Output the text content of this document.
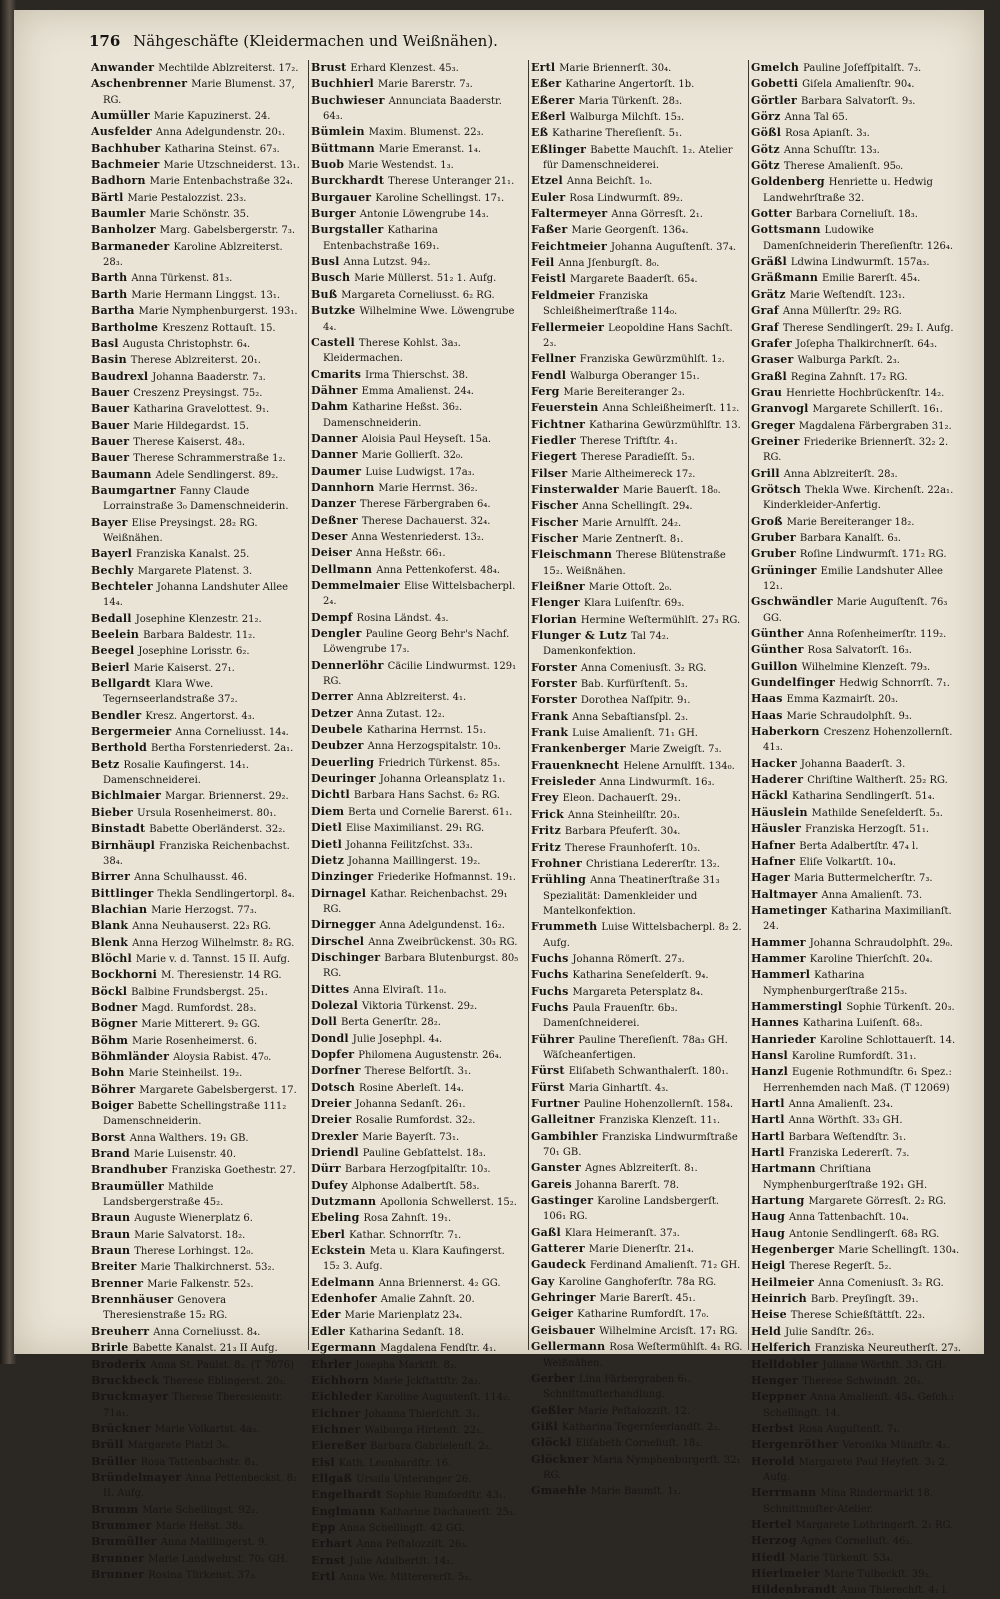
176 Nähgeschäfte (Kleidermachen und Weißnähen).
Anwander Mechtilde Ablzreiterst. 17₂.
Aschenbrenner Marie Blumenst. 37, RG.
Aumüller Marie Kapuzinerst. 24.
Ausfelder Anna Adelgundenstr. 20₁.
Bachhuber Katharina Steinst. 67₃.
Bachmeier Marie Utzschneiderst. 13₁.
Badhorn Marie Entenbachstraße 32₄.
Bärtl Marie Pestalozzist. 23₃.
Baumler Marie Schönstr. 35.
Banholzer Marg. Gabelsbergerstr. 7₃.
Barmaneder Karoline Ablzreiterst. 28₃.
Barth Anna Türkenst. 81₃.
Barth Marie Hermann Linggst. 13₁.
Bartha Marie Nymphenburgerst. 193₁.
Bartholme Kreszenz Rottauſt. 15.
Basl Augusta Christophstr. 6₄.
Basin Therese Ablzreiterst. 20₁.
Baudrexl Johanna Baaderstr. 7₃.
Bauer Creszenz Preysingst. 75₂.
Bauer Katharina Gravelottest. 9₁.
Bauer Marie Hildegardst. 15.
Bauer Therese Kaiserst. 48₃.
Bauer Therese Schrammerstraße 1₂.
Baumann Adele Sendlingerst. 89₂.
Baumgartner Fanny Claude Lorrainstraße 3₀ Damenschneiderin.
Bayer Elise Preysingst. 28₂ RG. Weißnähen.
Bayerl Franziska Kanalst. 25.
Bechly Margarete Platenst. 3.
Bechteler Johanna Landshuter Allee 14₄.
Bedall Josephine Klenzestr. 21₂.
Beelein Barbara Baldestr. 11₂.
Beegel Josephine Lorisstr. 6₂.
Beierl Marie Kaiserst. 27₁.
Bellgardt Klara Wwe. Tegernseerlandstraße 37₂.
Bendler Kresz. Angertorst. 4₃.
Bergermeier Anna Corneliusst. 14₄.
Berthold Bertha Forstenriederst. 2a₁.
Betz Rosalie Kaufingerst. 14₁. Damenschneiderei.
Bichlmaier Margar. Briennerst. 29₂.
Bieber Ursula Rosenheimerst. 80₁.
Binstadt Babette Oberländerst. 32₂.
Birnhäupl Franziska Reichenbachst. 38₄.
Birrer Anna Schulhausst. 46.
Bittlinger Thekla Sendlingertorpl. 8₄.
Blachian Marie Herzogst. 77₃.
Blank Anna Neuhauserst. 22₃ RG.
Blenk Anna Herzog Wilhelmstr. 8₂ RG.
Blöchl Marie v. d. Tannst. 15 II. Aufg.
Bockhorni M. Theresienstr. 14 RG.
Böckl Balbine Frundsbergst. 25₁.
Bodner Magd. Rumfordst. 28₃.
Bögner Marie Mitterert. 9₂ GG.
Böhm Marie Rosenheimerst. 6.
Böhmländer Aloysia Rabist. 47₀.
Bohn Marie Steinheilst. 19₂.
Böhrer Margarete Gabelsbergerst. 17.
Boiger Babette Schellingstraße 111₂ Damenschneiderin.
Borst Anna Walthers. 19₁ GB.
Brand Marie Luisenstr. 40.
Brandhuber Franziska Goethestr. 27.
Braumüller Mathilde Landsbergerstraße 45₂.
Braun Auguste Wienerplatz 6.
Braun Marie Salvatorst. 18₂.
Braun Therese Lorhingst. 12₀.
Breiter Marie Thalkirchnerst. 53₂.
Brenner Marie Falkenstr. 52₃.
Brennhäuser Genovera Theresienstraße 15₂ RG.
Breuherr Anna Corneliusst. 8₄.
Brirle Babette Kanalst. 21₃ II Aufg.
Broderix Anna St. Paulst. 8₃. (T 7076)
Bruckbeck Therese Eblingerst. 20₃.
Bruckmayer Therese Theresienstr. 71a₁.
Brückner Marie Volkartst. 4a₃.
Brüll Margarete Platzl 3₀.
Brüller Rosa Tattenbachstr. 8₃.
Bründelmayer Anna Pettenbeckst. 8₂ II. Aufg.
Brumm Marie Schellingst. 92₂.
Brummer Marie Heßst. 38₂.
Brumüller Anna Maillingerst. 9.
Brunner Marie Landwehrst. 70₁ GH.
Brunner Rosina Türkenst. 37₃.
Brust Erhard Klenzest. 45₃.
Buchhierl Marie Barerstr. 7₃.
Buchwieser Annunciata Baaderstr. 64₃.
Bümlein Maxim. Blumenst. 22₃.
Büttmann Marie Emeranst. 1₄.
Buob Marie Westendst. 1₃.
Burckhardt Therese Unteranger 21₁.
Burgauer Karoline Schellingst. 17₁.
Burger Antonie Löwengrube 14₃.
Burgstaller Katharina Entenbachstraße 169₁.
Busl Anna Lutzst. 94₂.
Busch Marie Müllerst. 51₂ 1. Aufg.
Buß Margareta Corneliusst. 6₂ RG.
Butzke Wilhelmine Wwe. Löwengrube 4₄.
Castell Therese Kohlst. 3a₃. Kleidermachen.
Cmarits Irma Thierschst. 38.
Dähner Emma Amalienst. 24₄.
Dahm Katharine Heßst. 36₂. Damenschneiderin.
Danner Aloisia Paul Heyseſt. 15a.
Danner Marie Gollierſt. 32₀.
Daumer Luise Ludwigst. 17a₃.
Dannhorn Marie Herrnst. 36₂.
Danzer Therese Färbergraben 6₄.
Deßner Therese Dachauerst. 32₄.
Deser Anna Westenriederst. 13₂.
Deiser Anna Heßstr. 66₁.
Dellmann Anna Pettenkoferst. 48₄.
Demmelmaier Elise Wittelsbacherpl. 2₄.
Dempf Rosina Ländst. 4₃.
Dengler Pauline Georg Behr's Nachf. Löwengrube 17₃.
Dennerlöhr Cäcilie Lindwurmst. 129₁ RG.
Derrer Anna Ablzreiterst. 4₁.
Detzer Anna Zutast. 12₂.
Deubele Katharina Herrnst. 15₁.
Deubzer Anna Herzogspitalstr. 10₃.
Deuerling Friedrich Türkenst. 85₃.
Deuringer Johanna Orleansplatz 1₁.
Dichtl Barbara Hans Sachst. 6₂ RG.
Diem Berta und Cornelie Barerst. 61₁.
Dietl Elise Maximilianst. 29₁ RG.
Dietl Johanna Feilitzſchst. 33₃.
Dietz Johanna Maillingerst. 19₂.
Dinzinger Friederike Hofmannst. 19₁.
Dirnagel Kathar. Reichenbachst. 29₁ RG.
Dirnegger Anna Adelgundenst. 16₂.
Dirschel Anna Zweibrückenst. 30₃ RG.
Dischinger Barbara Blutenburgst. 80₅ RG.
Dittes Anna Elviraſt. 11₀.
Dolezal Viktoria Türkenst. 29₂.
Doll Berta Generſtr. 28₂.
Dondl Julie Josephpl. 4₄.
Dopfer Philomena Augustenstr. 26₄.
Dorfner Therese Belfortſt. 3₁.
Dotsch Rosine Aberleſt. 14₄.
Dreier Johanna Sedanſt. 26₁.
Dreier Rosalie Rumfordst. 32₂.
Drexler Marie Bayerſt. 73₁.
Driendl Pauline Gebſattelst. 18₃.
Dürr Barbara Herzogſpitalſtr. 10₃.
Dufey Alphonse Adalbertſt. 58₃.
Dutzmann Apollonia Schwellerst. 15₂.
Ebeling Rosa Zahnſt. 19₁.
Eberl Kathar. Schnorrſtr. 7₁.
Eckstein Meta u. Klara Kaufingerst. 15₂ 3. Aufg.
Edelmann Anna Briennerst. 4₂ GG.
Edenhofer Amalie Zahnſt. 20.
Eder Marie Marienplatz 23₄.
Edler Katharina Sedanſt. 18.
Egermann Magdalena Fendſtr. 4₁.
Ehrler Josepha Marktſt. 8₃.
Eichhorn Marie Jckſtattſtr. 2a₂.
Eichleder Karoline Augustenſt. 114₂.
Eichner Johanna Thierſchſt. 3₁.
Eichner Walburga Hirtenſt. 22₁.
Eiereßer Barbara Gabrielenſt. 2₂.
Eisl Kath. Leonhardſtr. 16.
Ellgaß Ursula Unteranger 26.
Engelhardt Sophie Rumfordſtr. 43₁.
Englmann Katharine Dachauerſt. 25₃.
Epp Anna Schellingſt. 42 GG.
Erhart Anna Peſtalozziſt. 26₃.
Ernst Julie Adalbertſt. 14₂.
Ertl Anna We. Mitterererſt. 5₃.
Ertl Marie Briennerſt. 30₄.
Eßer Katharine Angertorſt. 1b.
Eßerer Maria Türkenſt. 28₃.
Eßerl Walburga Milchſt. 15₃.
Eß Katharine Thereſienſt. 5₁.
Eßlinger Babette Mauchſt. 1₂. Atelier für Damenschneiderei.
Etzel Anna Beichſt. 1₀.
Euler Rosa Lindwurmſt. 89₂.
Faltermeyer Anna Görresſt. 2₁.
Faßer Marie Georgenſt. 136₄.
Feichtmeier Johanna Auguſtenſt. 37₄.
Feil Anna Jſenburgſt. 8₀.
Feistl Margarete Baaderſt. 65₄.
Feldmeier Franziska Schleißheimerſtraße 114₀.
Fellermeier Leopoldine Hans Sachſt. 2₃.
Fellner Franziska Gewürzmühlſt. 1₂.
Fendl Walburga Oberanger 15₁.
Ferg Marie Bereiteranger 2₃.
Feuerstein Anna Schleißheimerſt. 11₂.
Fichtner Katharina Gewürzmühlſtr. 13.
Fiedler Therese Triftſtr. 4₁.
Fiegert Therese Paradieſſt. 5₃.
Filser Marie Altheimereck 17₂.
Finsterwalder Marie Bauerſt. 18₀.
Fischer Anna Schellingſt. 29₄.
Fischer Marie Arnulfſt. 24₂.
Fischer Marie Zentnerſt. 8₁.
Fleischmann Therese Blütenstraße 15₂. Weißnähen.
Fleißner Marie Ottoſt. 2₀.
Flenger Klara Luiſenſtr. 69₃.
Florian Hermine Weſtermühlſt. 27₃ RG.
Flunger & Lutz Tal 74₂. Damenkonfektion.
Forster Anna Comeniusſt. 3₂ RG.
Forster Bab. Kurfürſtenſt. 5₃.
Forster Dorothea Naſſpitr. 9₁.
Frank Anna Sebaſtiansſpl. 2₃.
Frank Luise Amalienſt. 71₁ GH.
Frankenberger Marie Zweigſt. 7₃.
Frauenknecht Helene Arnulfſt. 134₀.
Freisleder Anna Lindwurmſt. 16₃.
Frey Eleon. Dachauerſt. 29₁.
Frick Anna Steinheilſtr. 20₃.
Fritz Barbara Pfeuferſt. 30₄.
Fritz Therese Fraunhoferſt. 10₃.
Frohner Christiana Ledererſtr. 13₂.
Frühling Anna Theatinerſtraße 31₃ Spezialität: Damenkleider und Mantelkonfektion.
Frummeth Luise Wittelsbacherpl. 8₂ 2. Aufg.
Fuchs Johanna Römerſt. 27₃.
Fuchs Katharina Seneſelderſt. 9₄.
Fuchs Margareta Petersplatz 8₄.
Fuchs Paula Frauenſtr. 6b₃. Damenſchneiderei.
Führer Pauline Thereſienſt. 78a₃ GH. Wäſcheanfertigen.
Fürst Eliſabeth Schwanthalerſt. 180₁.
Fürst Maria Ginhartſt. 4₃.
Furtner Pauline Hohenzollernſt. 158₄.
Galleitner Franziska Klenzeſt. 11₁.
Gambihler Franziska Lindwurmſtraße 70₁ GB.
Ganster Agnes Ablzreiterſt. 8₁.
Gareis Johanna Barerſt. 78.
Gastinger Karoline Landsbergerſt. 106₁ RG.
Gaßl Klara Heimeranſt. 37₃.
Gatterer Marie Dienerſtr. 21₄.
Gaudeck Ferdinand Amalienſt. 71₂ GH.
Gay Karoline Ganghoferſtr. 78a RG.
Gehringer Marie Barerſt. 45₁.
Geiger Katharine Rumfordſt. 17₀.
Geisbauer Wilhelmine Arcisſt. 17₁ RG.
Gellermann Rosa Weſtermühlſt. 4₁ RG. Weißnähen.
Gerber Lina Färbergraben 6₁. Schnittmuſterhandlung.
Geßler Marie Peſtalozziſt. 12.
Gißl Katharina Tegernſeerlandſt. 2₂.
Glöckl Eliſabeth Corneliuſt. 18₃.
Glöckner Maria Nymphenburgerſt. 32₁ RG.
Gmaehle Marie Baumſt. 1₁.
Gmelch Pauline Joſefſpitalſt. 7₃.
Gobetti Giſela Amalienſtr. 90₄.
Görtler Barbara Salvatorſt. 9₃.
Görz Anna Tal 65.
Gößl Rosa Apianſt. 3₃.
Götz Anna Schuſſtr. 13₃.
Götz Therese Amalienſt. 95₀.
Goldenberg Henriette u. Hedwig Landwehrſtraße 32.
Gotter Barbara Corneliuſt. 18₃.
Gottsmann Ludowike Damenſchneiderin Thereſienſtr. 126₄.
Gräßl Ldwina Lindwurmſt. 157a₃.
Gräßmann Emilie Barerſt. 45₄.
Grätz Marie Weſtendſt. 123₁.
Graf Anna Müllerſtr. 29₂ RG.
Graf Therese Sendlingerſt. 29₂ I. Aufg.
Grafer Joſepha Thalkirchnerſt. 64₃.
Graser Walburga Parkſt. 2₃.
Graßl Regina Zahnſt. 17₂ RG.
Grau Henriette Hochbrückenſtr. 14₂.
Granvogl Margarete Schillerſt. 16₁.
Greger Magdalena Färbergraben 31₂.
Greiner Friederike Briennerſt. 32₂ 2. RG.
Grill Anna Ablzreiterſt. 28₃.
Grötsch Thekla Wwe. Kirchenſt. 22a₁. Kinderkleider-Anfertig.
Groß Marie Bereiteranger 18₂.
Gruber Barbara Kanalſt. 6₃.
Gruber Roſine Lindwurmſt. 171₂ RG.
Grüninger Emilie Landshuter Allee 12₁.
Gschwändler Marie Auguſtenſt. 76₃ GG.
Günther Anna Roſenheimerſtr. 119₂.
Günther Rosa Salvatorſt. 16₃.
Guillon Wilhelmine Klenzeſt. 79₃.
Gundelfinger Hedwig Schnorrſt. 7₁.
Haas Emma Kazmairſt. 20₃.
Haas Marie Schraudolphſt. 9₃.
Haberkorn Creszenz Hohenzollernſt. 41₃.
Hacker Johanna Baaderſt. 3.
Haderer Chriſtine Waltherſt. 25₂ RG.
Häckl Katharina Sendlingerſt. 51₄.
Häuslein Mathilde Seneſelderſt. 5₃.
Häusler Franziska Herzogſt. 51₁.
Hafner Berta Adalbertſtr. 47₄ l.
Hafner Eliſe Volkartſt. 10₄.
Hager Maria Buttermelcherſtr. 7₃.
Haltmayer Anna Amalienſt. 73.
Hametinger Katharina Maximilianſt. 24.
Hammer Johanna Schraudolphſt. 29₀.
Hammer Karoline Thierſchſt. 20₄.
Hammerl Katharina Nymphenburgerſtraße 215₃.
Hammerstingl Sophie Türkenſt. 20₃.
Hannes Katharina Luiſenſt. 68₃.
Hanrieder Karoline Schlottauerſt. 14.
Hansl Karoline Rumfordſt. 31₁.
Hanzl Eugenie Rothmundſtr. 6₁ Spez.: Herrenhemden nach Maß. (T 12069)
Hartl Anna Amalienſt. 23₄.
Hartl Anna Wörthſt. 33₃ GH.
Hartl Barbara Weſtendſtr. 3₁.
Hartl Franziska Ledererſt. 7₃.
Hartmann Chriſtiana Nymphenburgerſtraße 192₁ GH.
Hartung Margarete Görresſt. 2₂ RG.
Haug Anna Tattenbachſt. 10₄.
Haug Antonie Sendlingerſt. 68₃ RG.
Hegenberger Marie Schellingſt. 130₄.
Heigl Therese Regerſt. 5₂.
Heilmeier Anna Comeniusſt. 3₂ RG.
Heinrich Barb. Preyſingſt. 39₁.
Heise Therese Schießſtättſt. 22₃.
Held Julie Sandſtr. 26₃.
Helferich Franziska Neureutherſt. 27₃.
Helldobler Juliane Wörthſt. 33₁ GH.
Henger Therese Schwindſt. 20₃.
Heppner Anna Amalienſt. 45₄. Geſch.: Schellingſt. 14.
Herbst Rosa Auguſtenſt. 7₁.
Hergenröther Veronika Münzſtr. 4₂.
Herold Margarete Paul Heyſeſt. 3₁ 2. Aufg.
Herrmann Mina Rindermarkt 18. Schnittmuſter-Atelier.
Hertel Margarete Lothringerſt. 2₁ RG.
Herzog Agnes Corneliuſt. 46₃.
Hiedl Marie Türkenſt. 53₄.
Hierlmeier Marie Tulbeckſt. 39₂.
Hildenbrandt Anna Thierechſt. 4₁ l.
